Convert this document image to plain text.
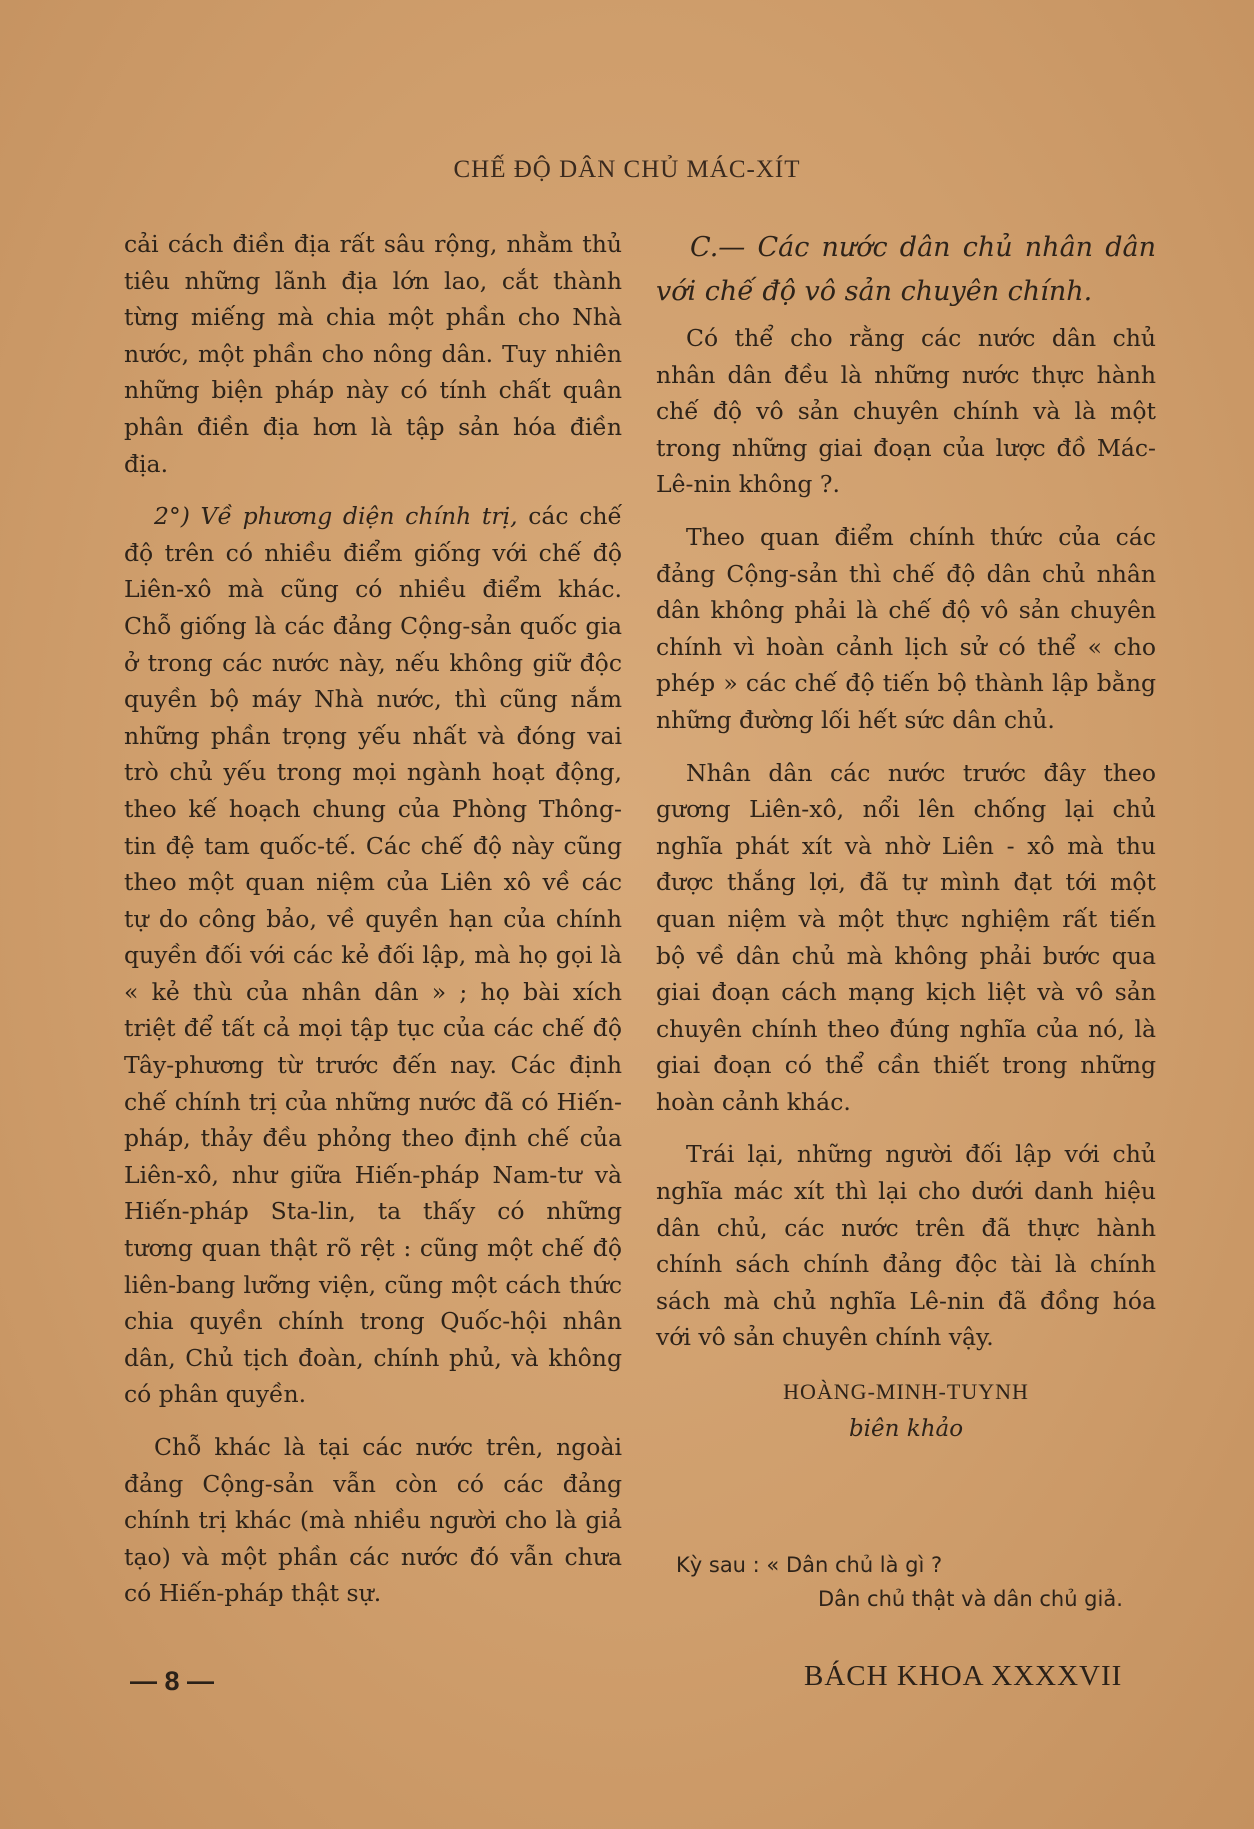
CHẾ ĐỘ DÂN CHỦ MÁC-XÍT

cải cách điền địa rất sâu rộng, nhằm thủ tiêu những lãnh địa lớn lao, cắt thành từng miếng mà chia một phần cho Nhà nước, một phần cho nông dân. Tuy nhiên những biện pháp này có tính chất quân phân điền địa hơn là tập sản hóa điền địa.

2°) Về phương diện chính trị, các chế độ trên có nhiều điểm giống với chế độ Liên-xô mà cũng có nhiều điểm khác. Chỗ giống là các đảng Cộng-sản quốc gia ở trong các nước này, nếu không giữ độc quyền bộ máy Nhà nước, thì cũng nắm những phần trọng yếu nhất và đóng vai trò chủ yếu trong mọi ngành hoạt động, theo kế hoạch chung của Phòng Thông-tin đệ tam quốc-tế. Các chế độ này cũng theo một quan niệm của Liên xô về các tự do công bảo, về quyền hạn của chính quyền đối với các kẻ đối lập, mà họ gọi là « kẻ thù của nhân dân » ; họ bài xích triệt để tất cả mọi tập tục của các chế độ Tây-phương từ trước đến nay. Các định chế chính trị của những nước đã có Hiến-pháp, thảy đều phỏng theo định chế của Liên-xô, như giữa Hiến-pháp Nam-tư và Hiến-pháp Sta-lin, ta thấy có những tương quan thật rõ rệt : cũng một chế độ liên-bang lưỡng viện, cũng một cách thức chia quyền chính trong Quốc-hội nhân dân, Chủ tịch đoàn, chính phủ, và không có phân quyền.

Chỗ khác là tại các nước trên, ngoài đảng Cộng-sản vẫn còn có các đảng chính trị khác (mà nhiều người cho là giả tạo) và một phần các nước đó vẫn chưa có Hiến-pháp thật sự.

C.— Các nước dân chủ nhân dân với chế độ vô sản chuyên chính.

Có thể cho rằng các nước dân chủ nhân dân đều là những nước thực hành chế độ vô sản chuyên chính và là một trong những giai đoạn của lược đồ Mác-Lê-nin không ?.

Theo quan điểm chính thức của các đảng Cộng-sản thì chế độ dân chủ nhân dân không phải là chế độ vô sản chuyên chính vì hoàn cảnh lịch sử có thể « cho phép » các chế độ tiến bộ thành lập bằng những đường lối hết sức dân chủ.

Nhân dân các nước trước đây theo gương Liên-xô, nổi lên chống lại chủ nghĩa phát xít và nhờ Liên - xô mà thu được thắng lợi, đã tự mình đạt tới một quan niệm và một thực nghiệm rất tiến bộ về dân chủ mà không phải bước qua giai đoạn cách mạng kịch liệt và vô sản chuyên chính theo đúng nghĩa của nó, là giai đoạn có thể cần thiết trong những hoàn cảnh khác.

Trái lại, những người đối lập với chủ nghĩa mác xít thì lại cho dưới danh hiệu dân chủ, các nước trên đã thực hành chính sách chính đảng độc tài là chính sách mà chủ nghĩa Lê-nin đã đồng hóa với vô sản chuyên chính vậy.

HOÀNG-MINH-TUYNH
biên khảo
Kỳ sau : « Dân chủ là gì ?
Dân chủ thật và dân chủ giả.
— 8 —	BÁCH KHOA XXXXVII
